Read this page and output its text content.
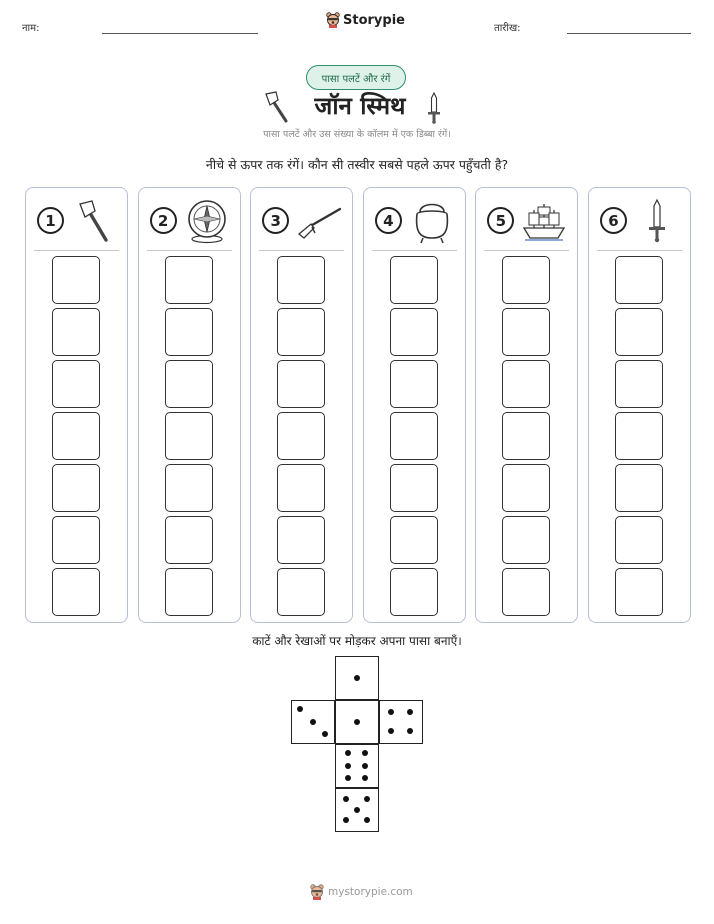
नाम:
Storypie
तारीख:
पासा पलटें और रंगें
जॉन स्मिथ
पासा पलटें और उस संख्या के कॉलम में एक डिब्बा रंगें।
नीचे से ऊपर तक रंगें। कौन सी तस्वीर सबसे पहले ऊपर पहुँचती है?
1	2	3	4	5	6
काटें और रेखाओं पर मोड़कर अपना पासा बनाएँ।
mystorypie.com
